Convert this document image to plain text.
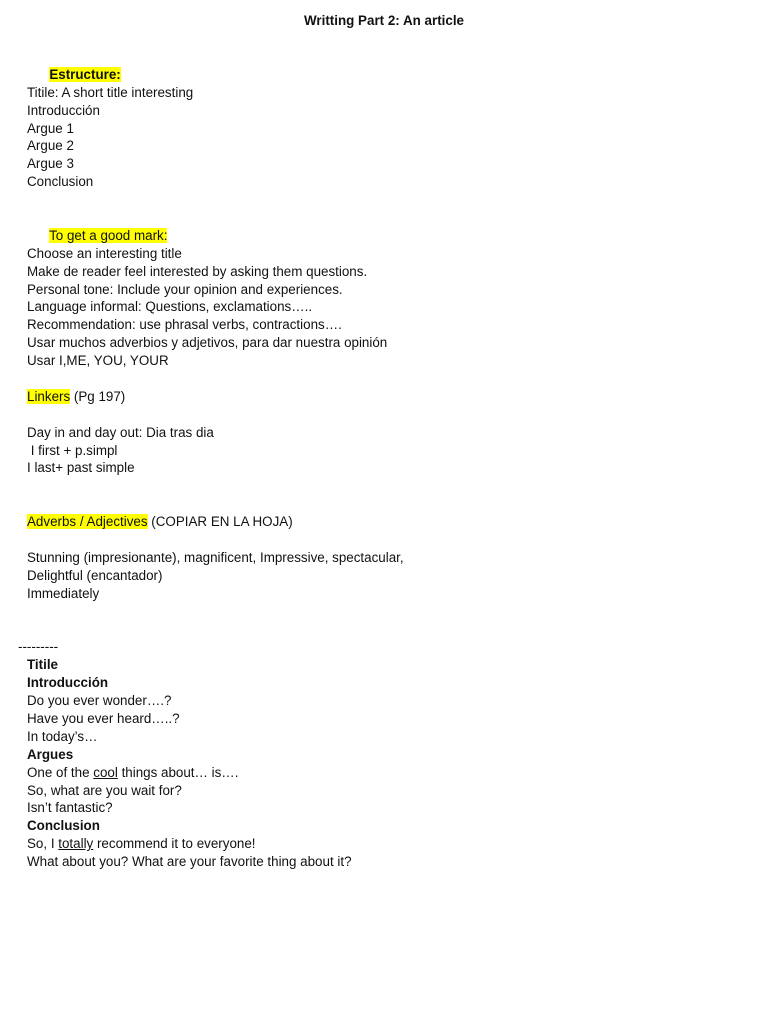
Writting Part 2: An article

Estructure:

Titile: A short title interesting
Introducción
Argue 1
Argue 2
Argue 3
Conclusion

To get a good mark:

Choose an interesting title
Make de reader feel interested by asking them questions.
Personal tone: Include your opinion and experiences.
Language informal: Questions, exclamations…..
Recommendation: use phrasal verbs, contractions….
Usar muchos adverbios y adjetivos, para dar nuestra opinión
Usar I,ME, YOU, YOUR
Linkers (Pg 197)
Day in and day out: Dia tras dia
I first + p.simpl
I last+ past simple
Adverbs / Adjectives (COPIAR EN LA HOJA)
Stunning (impresionante), magnificent, Impressive, spectacular,
Delightful (encantador)
Immediately
---------
Titile
Introducción
Do you ever wonder….?
Have you ever heard…..?
In today’s…
Argues
One of the cool things about… is….
So, what are you wait for?
Isn’t fantastic?
Conclusion
So, I totally recommend it to everyone!
What about you? What are your favorite thing about it?
